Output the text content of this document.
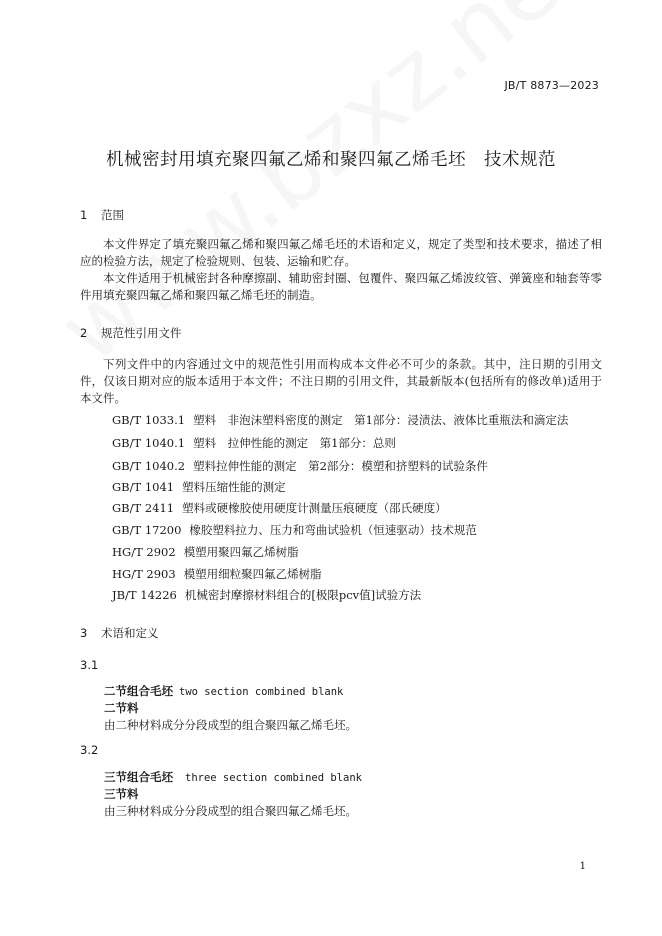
JB/T 8873—2023
机械密封用填充聚四氟乙烯和聚四氟乙烯毛坯　技术规范
1 范围
本文件界定了填充聚四氟乙烯和聚四氟乙烯毛坯的术语和定义，规定了类型和技术要求，描述了相应的检验方法，规定了检验规则、包装、运输和贮存。
本文件适用于机械密封各种摩擦副、辅助密封圈、包覆件、聚四氟乙烯波纹管、弹簧座和轴套等零件用填充聚四氟乙烯和聚四氟乙烯毛坯的制造。
2 规范性引用文件
下列文件中的内容通过文中的规范性引用而构成本文件必不可少的条款。其中，注日期的引用文件，仅该日期对应的版本适用于本文件；不注日期的引用文件，其最新版本(包括所有的修改单)适用于本文件。
GB/T 1033.1 塑料　非泡沫塑料密度的测定　第1部分：浸渍法、液体比重瓶法和滴定法
GB/T 1040.1 塑料　拉伸性能的测定　第1部分：总则
GB/T 1040.2 塑料拉伸性能的测定　第2部分：模塑和挤塑料的试验条件
GB/T 1041 塑料压缩性能的测定
GB/T 2411 塑料或硬橡胶使用硬度计测量压痕硬度（邵氏硬度）
GB/T 17200 橡胶塑料拉力、压力和弯曲试验机（恒速驱动）技术规范
HG/T 2902 模塑用聚四氟乙烯树脂
HG/T 2903 模塑用细粒聚四氟乙烯树脂
JB/T 14226 机械密封摩擦材料组合的[极限pcv值]试验方法
3 术语和定义
3.1
二节组合毛坯 two section combined blank
二节料
由二种材料成分分段成型的组合聚四氟乙烯毛坯。
3.2
三节组合毛坯 three section combined blank
三节料
由三种材料成分分段成型的组合聚四氟乙烯毛坯。
1
